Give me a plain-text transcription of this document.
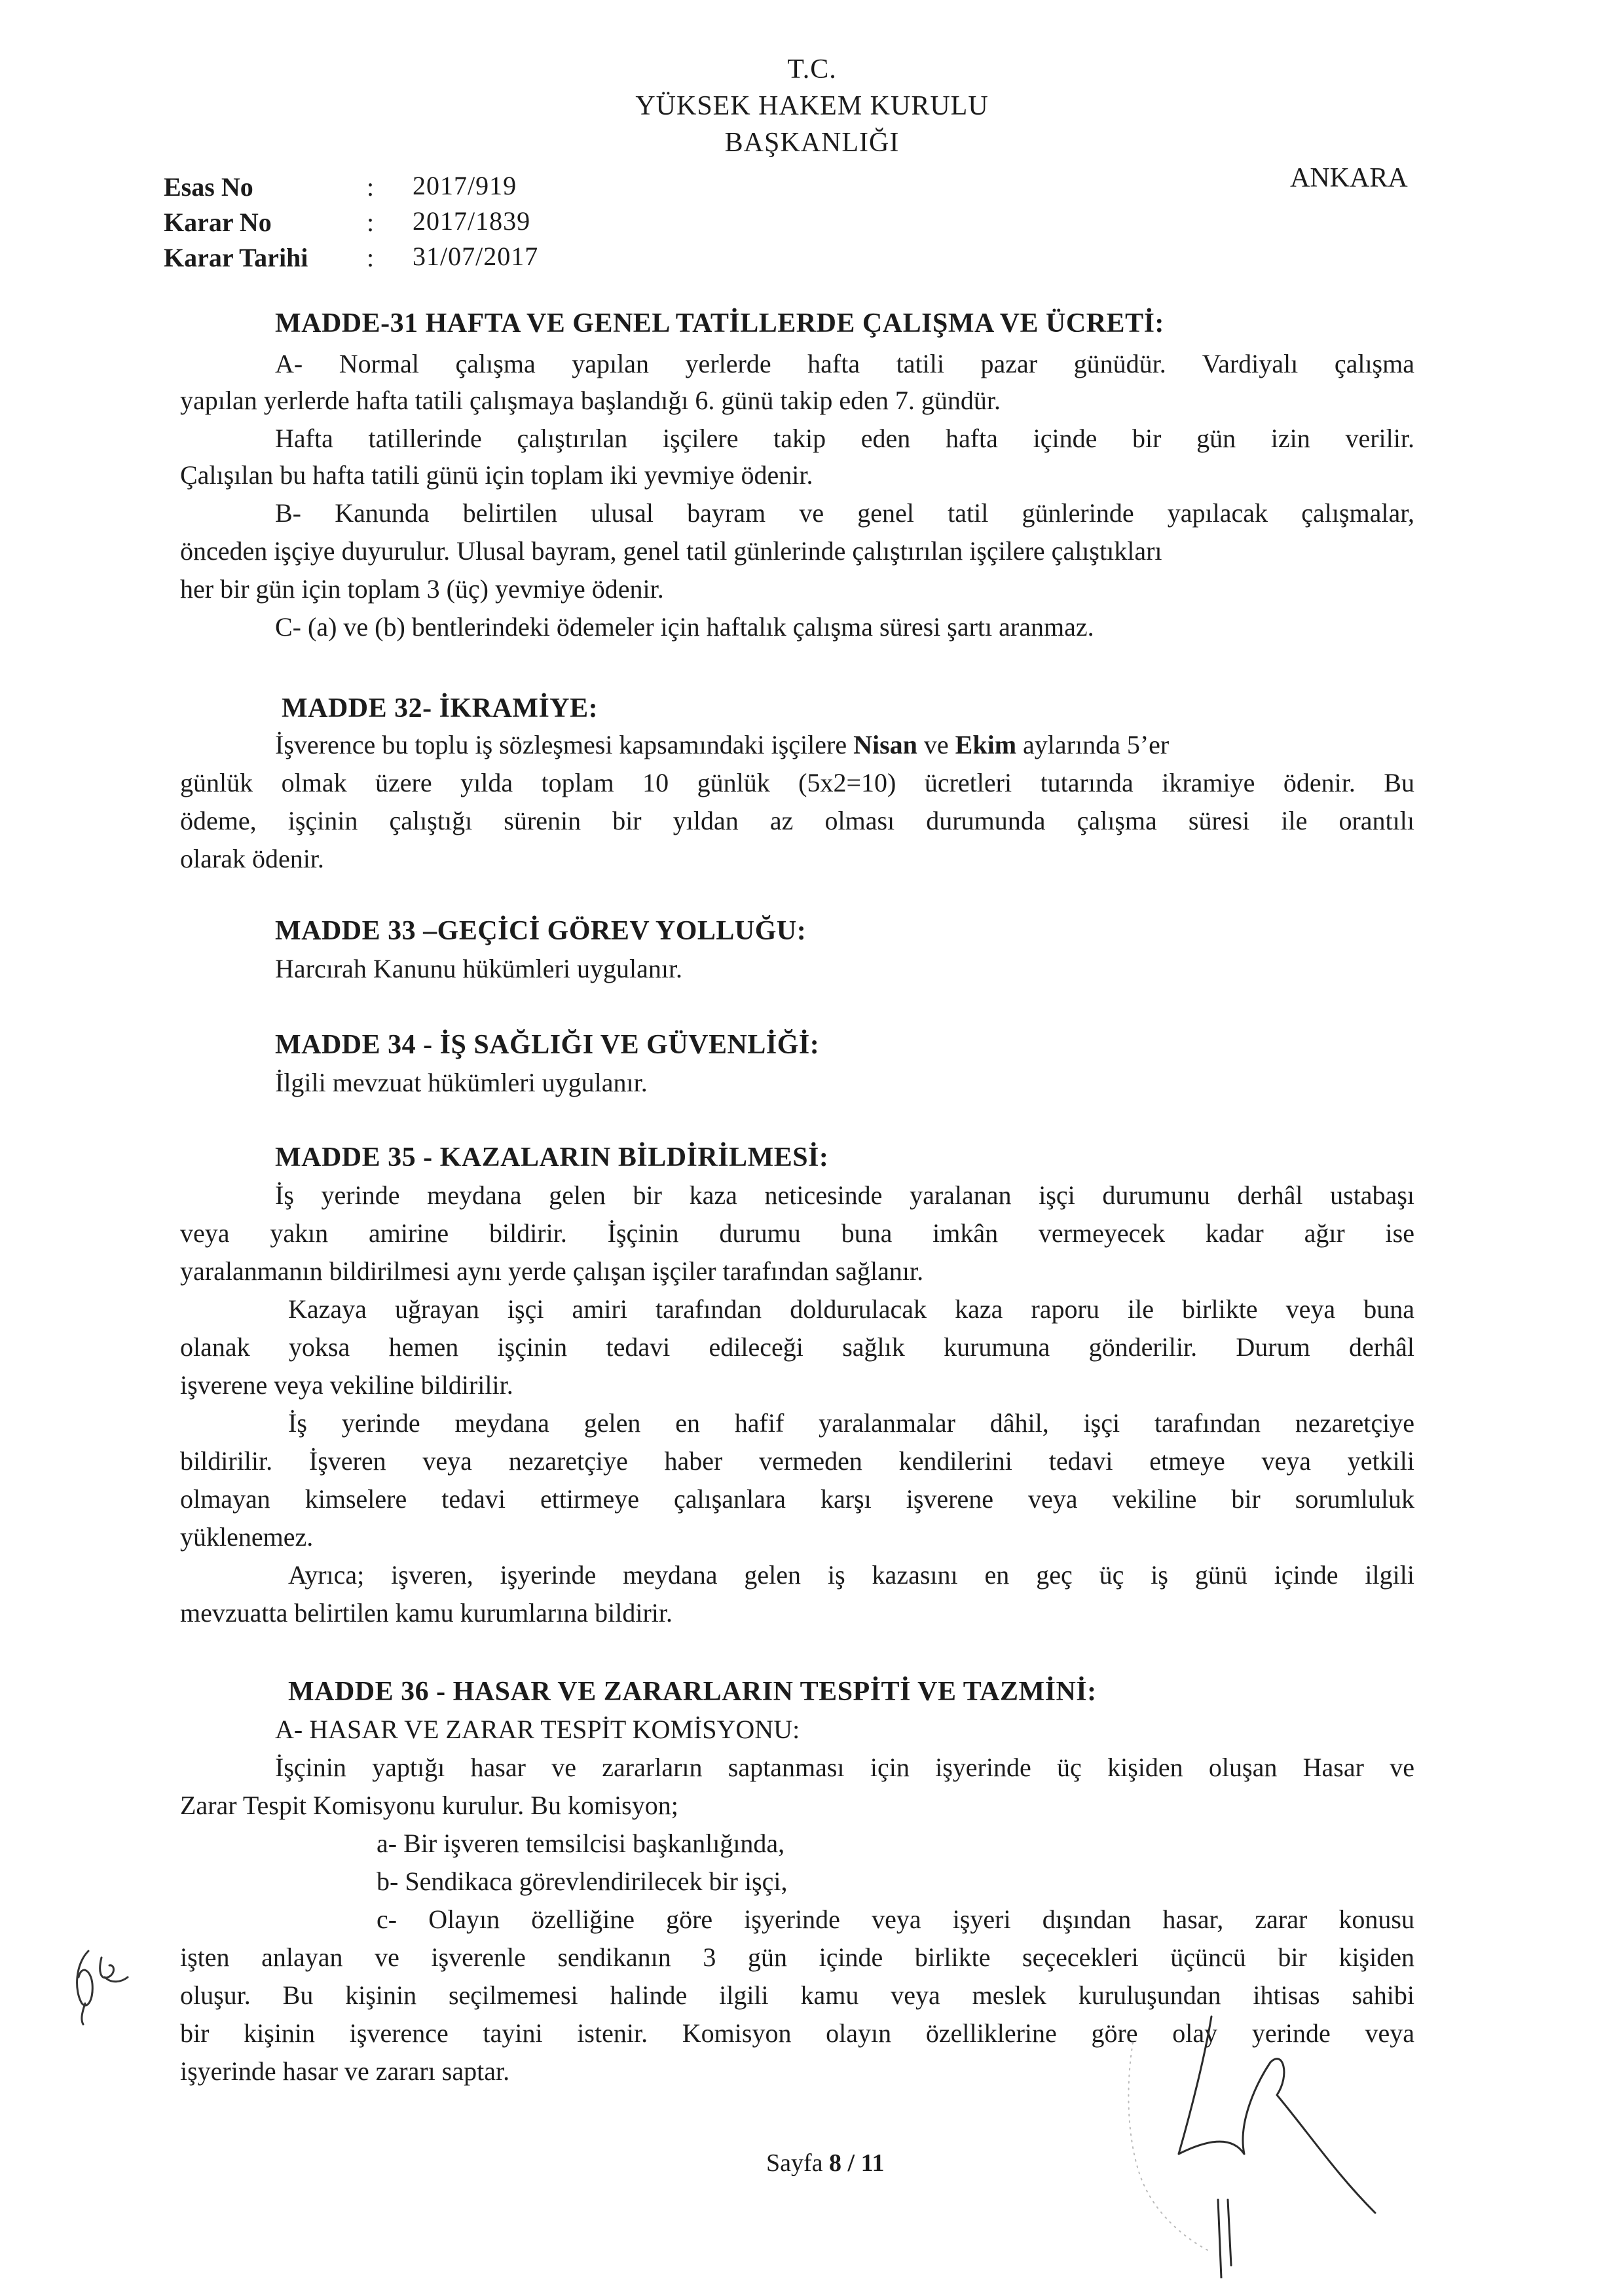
T.C.
YÜKSEK HAKEM KURULU
BAŞKANLIĞI
ANKARA
Esas No	: 2017/919
Karar No	: 2017/1839
Karar Tarihi : 31/07/2017
MADDE-31 HAFTA VE GENEL TATİLLERDE ÇALIŞMA VE ÜCRETİ:
A- Normal çalışma yapılan yerlerde hafta tatili pazar günüdür. Vardiyalı çalışma
yapılan yerlerde hafta tatili çalışmaya başlandığı 6. günü takip eden 7. gündür.
Hafta tatillerinde çalıştırılan işçilere takip eden hafta içinde bir gün izin verilir.
Çalışılan bu hafta tatili günü için toplam iki yevmiye ödenir.
B- Kanunda belirtilen ulusal bayram ve genel tatil günlerinde yapılacak çalışmalar,
önceden işçiye duyurulur. Ulusal bayram, genel tatil günlerinde çalıştırılan işçilere çalıştıkları
her bir gün için toplam 3 (üç) yevmiye ödenir.
C- (a) ve (b) bentlerindeki ödemeler için haftalık çalışma süresi şartı aranmaz.
MADDE 32- İKRAMİYE:
İşverence bu toplu iş sözleşmesi kapsamındaki işçilere Nisan ve Ekim aylarında 5’er
günlük olmak üzere yılda toplam 10 günlük (5x2=10) ücretleri tutarında ikramiye ödenir. Bu
ödeme, işçinin çalıştığı sürenin bir yıldan az olması durumunda çalışma süresi ile orantılı
olarak ödenir.
MADDE 33 –GEÇİCİ GÖREV YOLLUĞU:
Harcırah Kanunu hükümleri uygulanır.
MADDE 34 - İŞ SAĞLIĞI VE GÜVENLİĞİ:
İlgili mevzuat hükümleri uygulanır.
MADDE 35 - KAZALARIN BİLDİRİLMESİ:
İş yerinde meydana gelen bir kaza neticesinde yaralanan işçi durumunu derhâl ustabaşı
veya yakın amirine bildirir. İşçinin durumu buna imkân vermeyecek kadar ağır ise
yaralanmanın bildirilmesi aynı yerde çalışan işçiler tarafından sağlanır.
Kazaya uğrayan işçi amiri tarafından doldurulacak kaza raporu ile birlikte veya buna
olanak yoksa hemen işçinin tedavi edileceği sağlık kurumuna gönderilir. Durum derhâl
işverene veya vekiline bildirilir.
İş yerinde meydana gelen en hafif yaralanmalar dâhil, işçi tarafından nezaretçiye
bildirilir. İşveren veya nezaretçiye haber vermeden kendilerini tedavi etmeye veya yetkili
olmayan kimselere tedavi ettirmeye çalışanlara karşı işverene veya vekiline bir sorumluluk
yüklenemez.
Ayrıca; işveren, işyerinde meydana gelen iş kazasını en geç üç iş günü içinde ilgili
mevzuatta belirtilen kamu kurumlarına bildirir.
MADDE 36 - HASAR VE ZARARLARIN TESPİTİ VE TAZMİNİ:
A- HASAR VE ZARAR TESPİT KOMİSYONU:
İşçinin yaptığı hasar ve zararların saptanması için işyerinde üç kişiden oluşan Hasar ve
Zarar Tespit Komisyonu kurulur. Bu komisyon;
a- Bir işveren temsilcisi başkanlığında,
b- Sendikaca görevlendirilecek bir işçi,
c- Olayın özelliğine göre işyerinde veya işyeri dışından hasar, zarar konusu
işten anlayan ve işverenle sendikanın 3 gün içinde birlikte seçecekleri üçüncü bir kişiden
oluşur. Bu kişinin seçilmemesi halinde ilgili kamu veya meslek kuruluşundan ihtisas sahibi
bir kişinin işverence tayini istenir. Komisyon olayın özelliklerine göre olay yerinde veya
işyerinde hasar ve zararı saptar.
Sayfa 8 / 11
